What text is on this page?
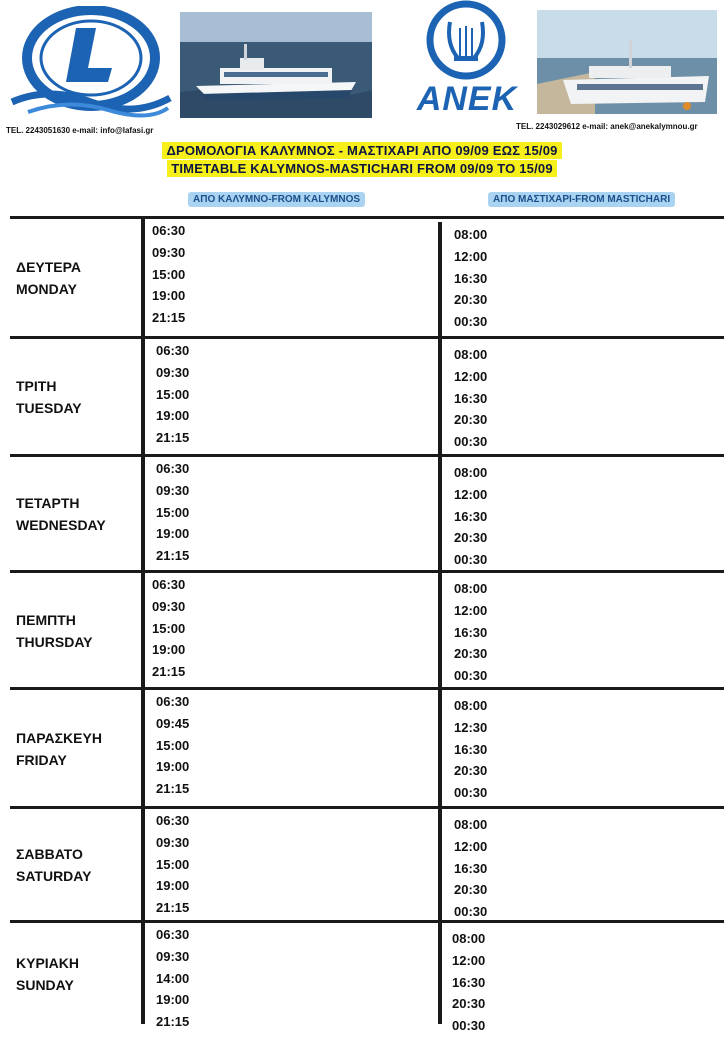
ANEK
TEL. 2243051630 e-mail: info@lafasi.gr	TEL. 2243029612 e-mail: anek@anekalymnou.gr
ΔΡΟΜΟΛΟΓΙΑ ΚΑΛΥΜΝΟΣ - ΜΑΣΤΙΧΑΡΙ ΑΠΟ 09/09 ΕΩΣ 15/09
TIMETABLE KALYMNOS-MASTICHARI FROM 09/09 TO 15/09
ΑΠΟ ΚΑΛΥΜΝΟ-FROM KALYMNOS	ΑΠΟ ΜΑΣΤΙΧΑΡΙ-FROM MASTICHARI
ΔΕΥΤΕΡΑ
MONDAY
06:30
09:30
15:00
19:00
21:15
08:00
12:00
16:30
20:30
00:30
ΤΡΙΤΗ
TUESDAY
06:30
09:30
15:00
19:00
21:15
08:00
12:00
16:30
20:30
00:30
ΤΕΤΑΡΤΗ
WEDNESDAY
06:30
09:30
15:00
19:00
21:15
08:00
12:00
16:30
20:30
00:30
ΠΕΜΠΤΗ
THURSDAY
06:30
09:30
15:00
19:00
21:15
08:00
12:00
16:30
20:30
00:30
ΠΑΡΑΣΚΕΥΗ
FRIDAY
06:30
09:45
15:00
19:00
21:15
08:00
12:30
16:30
20:30
00:30
ΣΑΒΒΑΤΟ
SATURDAY
06:30
09:30
15:00
19:00
21:15
08:00
12:00
16:30
20:30
00:30
ΚΥΡΙΑΚΗ
SUNDAY
06:30
09:30
14:00
19:00
21:15
08:00
12:00
16:30
20:30
00:30
